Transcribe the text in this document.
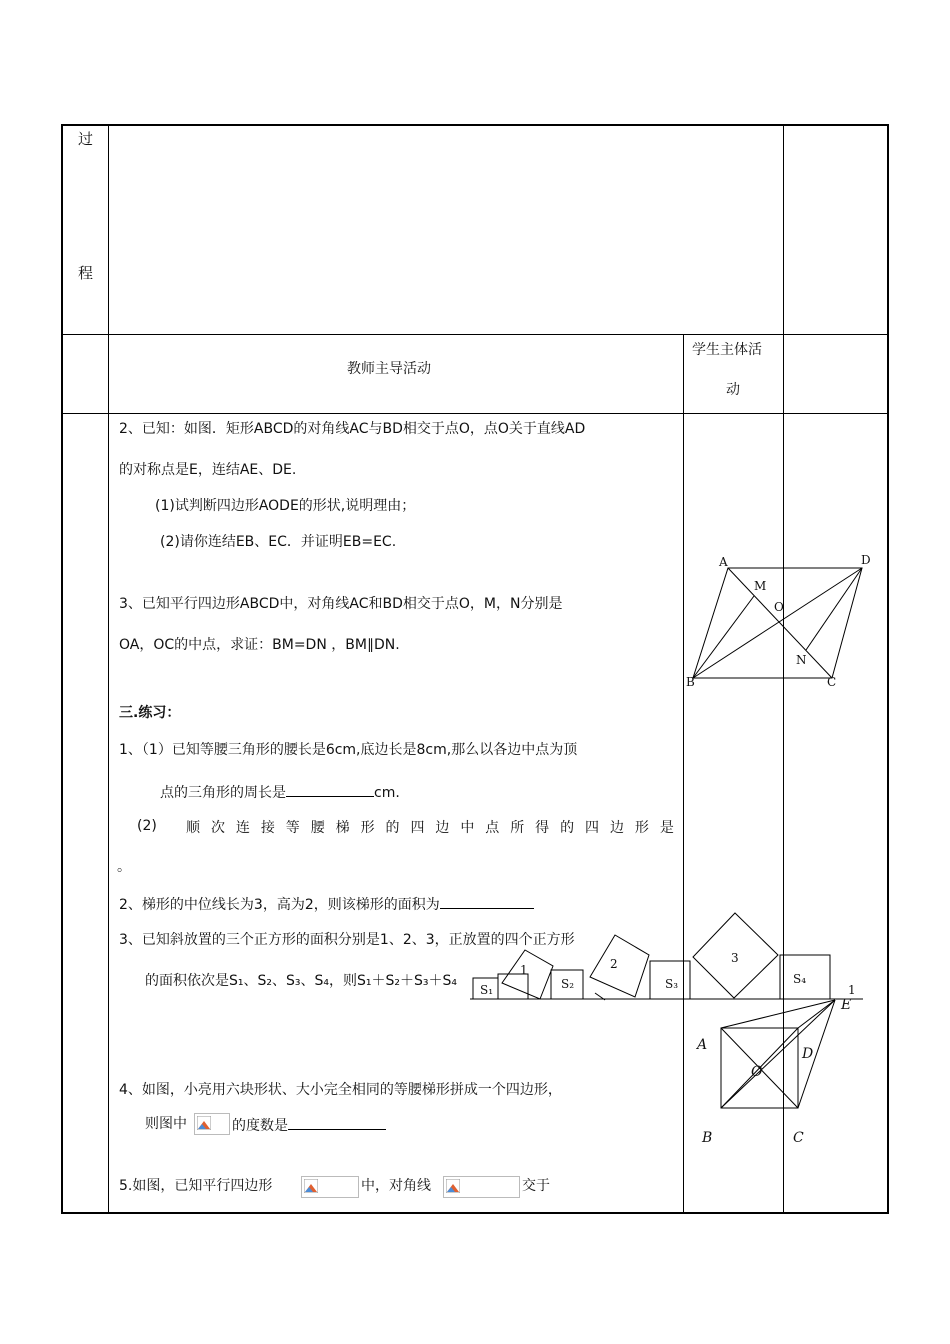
过
程
教师主导活动
学生主体活
动
2、已知：如图．矩形ABCD的对角线AC与BD相交于点O，点O关于直线AD
的对称点是E，连结AE、DE.
(1)试判断四边形AODE的形状,说明理由；
(2)请你连结EB、EC．并证明EB=EC.
3、已知平行四边形ABCD中，对角线AC和BD相交于点O，M，N分别是
OA，OC的中点，求证：BM=DN ，BM∥DN.
三.练习：
1、（1）已知等腰三角形的腰长是6cm,底边长是8cm,那么以各边中点为顶
点的三角形的周长是	cm.
(2) 顺 次 连 接 等 腰 梯 形 的 四 边 中 点 所 得 的 四 边 形 是
。
2、梯形的中位线长为3，高为2，则该梯形的面积为
3、已知斜放置的三个正方形的面积分别是1、2、3，正放置的四个正方形
的面积依次是S₁、S₂、S₃、S₄，则S₁＋S₂＋S₃＋S₄
4、如图，小亮用六块形状、大小完全相同的等腰梯形拼成一个四边形，
则图中	的度数是
5.如图，已知平行四边形	中，对角线	交于
A	D
M
O
N
B	C
S₁
1
S₂
2
S₃
3
S₄
1
E
A
D
O
B	C
